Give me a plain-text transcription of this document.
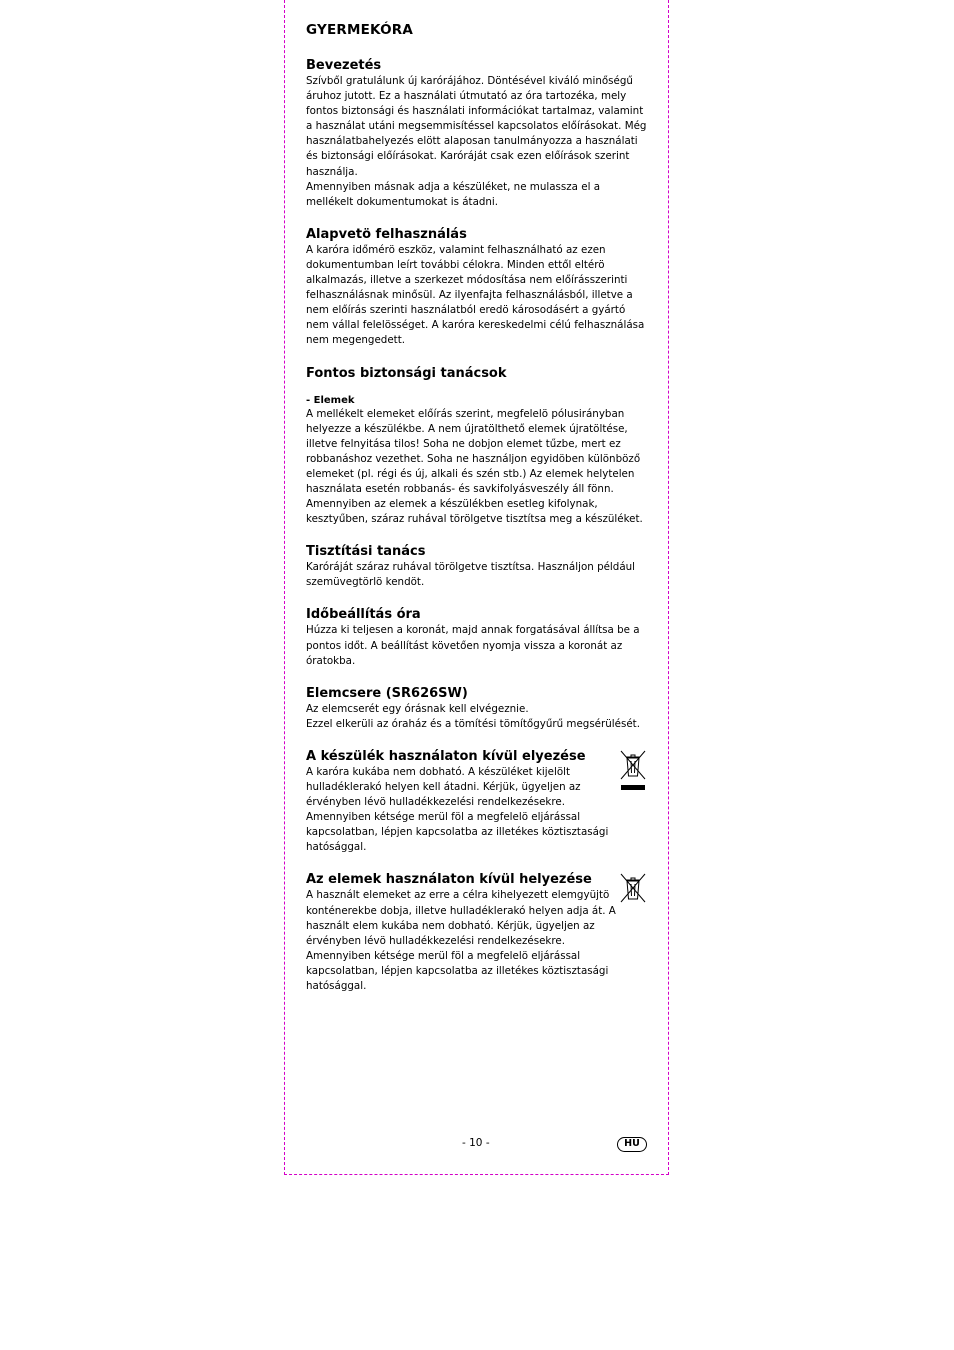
GYERMEKÓRA
Bevezetés

Szívből gratulálunk új karórájához. Döntésével kiváló minőségű áruhoz jutott. Ez a használati útmutató az óra tartozéka, mely fontos biztonsági és használati információkat tartalmaz, valamint a használat utáni megsemmisítéssel kapcsolatos előírásokat. Még használatbahelyezés elött alaposan tanulmányozza a használati és biztonsági előírásokat. Karóráját csak ezen előírások szerint használja.

Amennyiben másnak adja a készüléket, ne mulassza el a mellékelt dokumentumokat is átadni.

Alapvetö felhasználás

A karóra időmérö eszköz, valamint felhasználható az ezen dokumentumban leírt további célokra. Minden ettől eltérö alkalmazás, illetve a szerkezet módosítása nem előírásszerinti felhasználásnak minősül. Az ilyenfajta felhasználásból, illetve a nem előírás szerinti használatból eredö károsodásért a gyártó nem vállal felelösséget. A karóra kereskedelmi célú felhasználása nem megengedett.

Fontos biztonsági tanácsok
- Elemek

A mellékelt elemeket előírás szerint, megfelelö pólusirányban helyezze a készülékbe. A nem újratölthető elemek újratöltése, illetve felnyitása tilos! Soha ne dobjon elemet tűzbe, mert ez robbanáshoz vezethet. Soha ne használjon egyidöben különböző elemeket (pl. régi és új, alkali és szén stb.) Az elemek helytelen használata esetén robbanás- és savkifolyásveszély áll fönn.

Amennyiben az elemek a készülékben esetleg kifolynak, kesztyűben, száraz ruhával törölgetve tisztítsa meg a készüléket.

Tisztítási tanács

Karóráját száraz ruhával törölgetve tisztítsa. Használjon például szemüvegtörlö kendöt.

Időbeállítás óra

Húzza ki teljesen a koronát, majd annak forgatásával állítsa be a pontos időt. A beállítást követően nyomja vissza a koronát az óratokba.

Elemcsere (SR626SW)

Az elemcserét egy órásnak kell elvégeznie.

Ezzel elkerüli az óraház és a tömítési tömítőgyűrű megsérülését.

A készülék használaton kívül elyezése

A karóra kukába nem dobható. A készüléket kijelölt hulladéklerakó helyen kell átadni. Kérjük, ügyeljen az érvényben lévö hulladékkezelési rendelkezésekre. Amennyiben kétsége merül föl a megfelelö eljárással kapcsolatban, lépjen kapcsolatba az illetékes köztisztasági hatósággal.

Az elemek használaton kívül helyezése

A használt elemeket az erre a célra kihelyezett elemgyüjtö konténerekbe dobja, illetve hulladéklerakó helyen adja át. A használt elem kukába nem dobható. Kérjük, ügyeljen az érvényben lévö hulladékkezelési rendelkezésekre. Amennyiben kétsége merül föl a megfelelö eljárással kapcsolatban, lépjen kapcsolatba az illetékes köztisztasági hatósággal.

- 10 -	HU
